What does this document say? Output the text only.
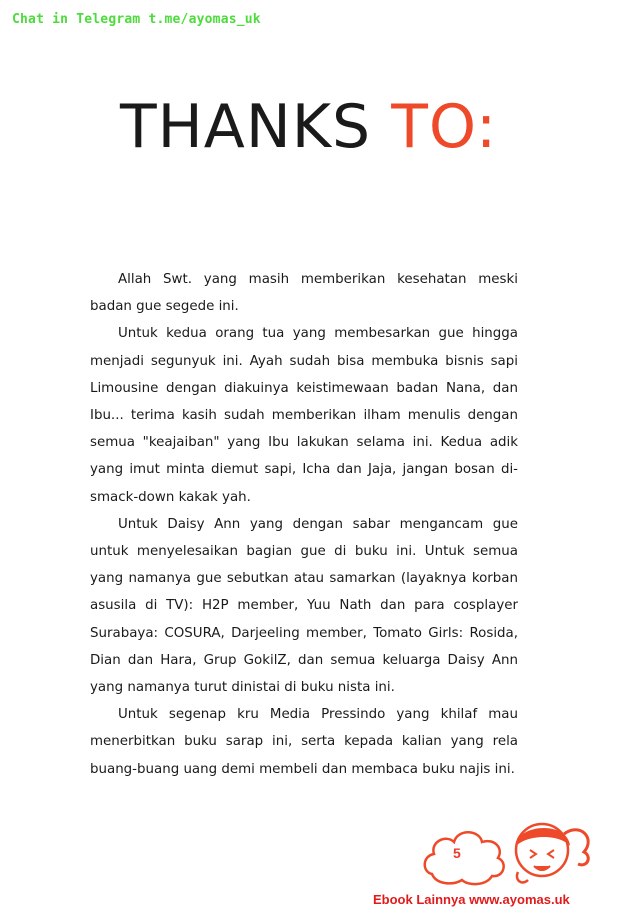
Chat in Telegram t.me/ayomas_uk
THANKS TO:

Allah Swt. yang masih memberikan kesehatan meski badan gue segede ini.

Untuk kedua orang tua yang membesarkan gue hingga menjadi segunyuk ini. Ayah sudah bisa membuka bisnis sapi Limousine dengan diakuinya keistimewaan badan Nana, dan Ibu... terima kasih sudah memberikan ilham menulis dengan semua "keajaiban" yang Ibu lakukan selama ini. Kedua adik yang imut minta diemut sapi, Icha dan Jaja, jangan bosan di-smack-down kakak yah.

Untuk Daisy Ann yang dengan sabar mengancam gue untuk menyelesaikan bagian gue di buku ini. Untuk semua yang namanya gue sebutkan atau samarkan (layaknya korban asusila di TV): H2P member, Yuu Nath dan para cosplayer Surabaya: COSURA, Darjeeling member, Tomato Girls: Rosida, Dian dan Hara, Grup GokilZ, dan semua keluarga Daisy Ann yang namanya turut dinistai di buku nista ini.

Untuk segenap kru Media Pressindo yang khilaf mau menerbitkan buku sarap ini, serta kepada kalian yang rela buang-buang uang demi membeli dan membaca buku najis ini.

5
Ebook Lainnya www.ayomas.uk
